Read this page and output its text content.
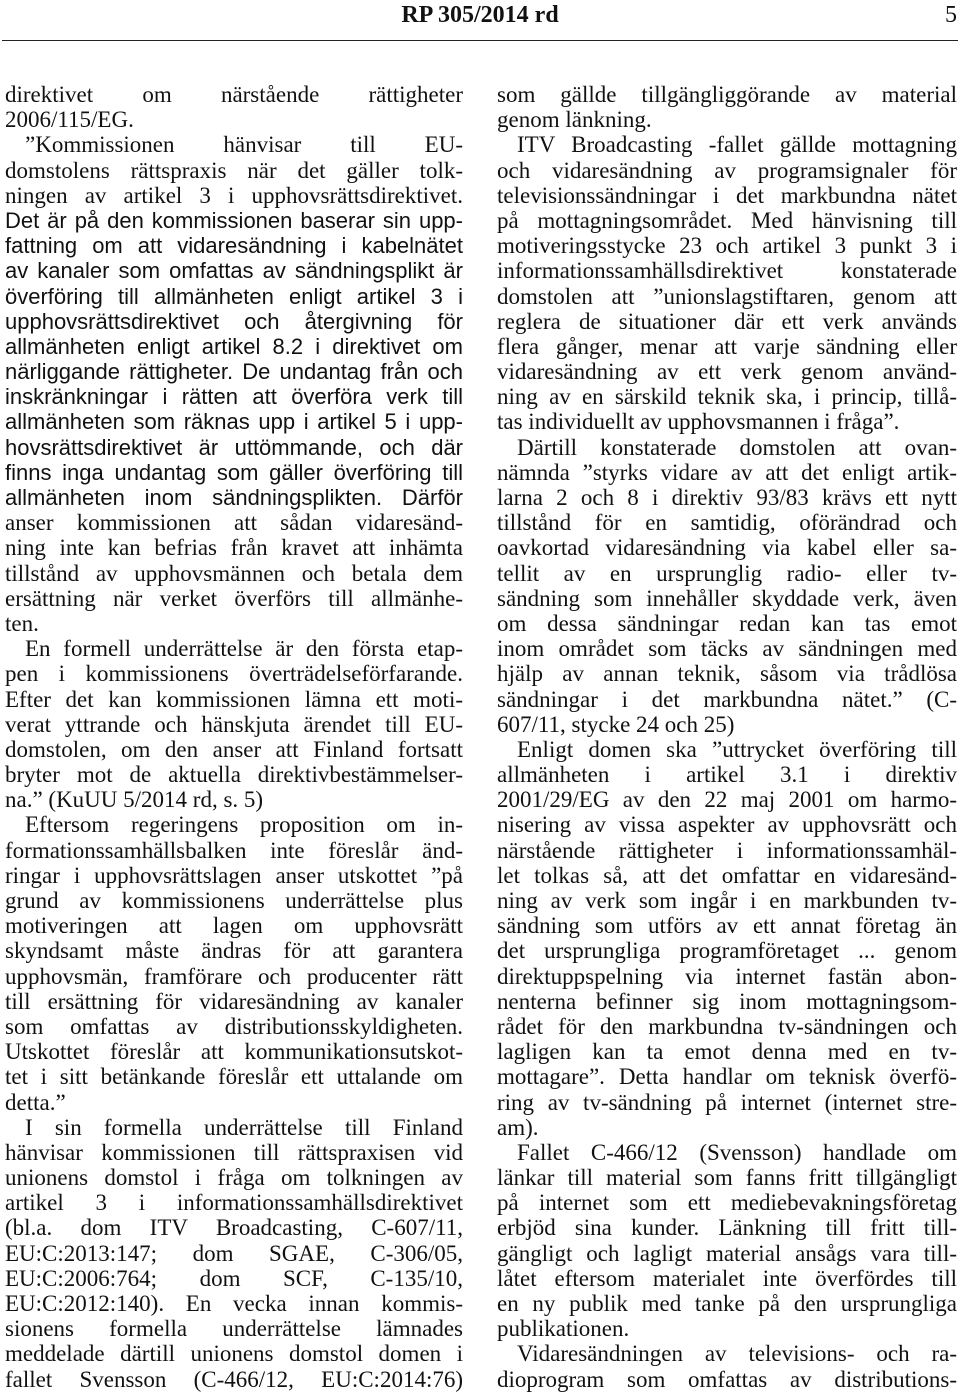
RP 305/2014 rd	5
direktivet om närstående rättigheter
2006/115/EG.
”Kommissionen hänvisar till EU-
domstolens rättspraxis när det gäller tolk-
ningen av artikel 3 i upphovsrättsdirektivet.
Det är på den kommissionen baserar sin upp-
fattning om att vidaresändning i kabelnätet
av kanaler som omfattas av sändningsplikt är
överföring till allmänheten enligt artikel 3 i
upphovsrättsdirektivet och återgivning för
allmänheten enligt artikel 8.2 i direktivet om
närliggande rättigheter. De undantag från och
inskränkningar i rätten att överföra verk till
allmänheten som räknas upp i artikel 5 i upp-
hovsrättsdirektivet är uttömmande, och där
finns inga undantag som gäller överföring till
allmänheten inom sändningsplikten. Därför
anser kommissionen att sådan vidaresänd-
ning inte kan befrias från kravet att inhämta
tillstånd av upphovsmännen och betala dem
ersättning när verket överförs till allmänhe-
ten.
En formell underrättelse är den första etap-
pen i kommissionens överträdelseförfarande.
Efter det kan kommissionen lämna ett moti-
verat yttrande och hänskjuta ärendet till EU-
domstolen, om den anser att Finland fortsatt
bryter mot de aktuella direktivbestämmelser-
na.” (KuUU 5/2014 rd, s. 5)
Eftersom regeringens proposition om in-
formationssamhällsbalken inte föreslår änd-
ringar i upphovsrättslagen anser utskottet ”på
grund av kommissionens underrättelse plus
motiveringen att lagen om upphovsrätt
skyndsamt måste ändras för att garantera
upphovsmän, framförare och producenter rätt
till ersättning för vidaresändning av kanaler
som omfattas av distributionsskyldigheten.
Utskottet föreslår att kommunikationsutskot-
tet i sitt betänkande föreslår ett uttalande om
detta.”
I sin formella underrättelse till Finland
hänvisar kommissionen till rättspraxisen vid
unionens domstol i fråga om tolkningen av
artikel 3 i informationssamhällsdirektivet
(bl.a. dom ITV Broadcasting, C-607/11,
EU:C:2013:147; dom SGAE, C-306/05,
EU:C:2006:764; dom SCF, C-135/10,
EU:C:2012:140). En vecka innan kommis-
sionens formella underrättelse lämnades
meddelade därtill unionens domstol domen i
fallet Svensson (C-466/12, EU:C:2014:76)
som gällde tillgängliggörande av material
genom länkning.
ITV Broadcasting -fallet gällde mottagning
och vidaresändning av programsignaler för
televisionssändningar i det markbundna nätet
på mottagningsområdet. Med hänvisning till
motiveringsstycke 23 och artikel 3 punkt 3 i
informationssamhällsdirektivet konstaterade
domstolen att ”unionslagstiftaren, genom att
reglera de situationer där ett verk används
flera gånger, menar att varje sändning eller
vidaresändning av ett verk genom använd-
ning av en särskild teknik ska, i princip, tillå-
tas individuellt av upphovsmannen i fråga”.
Därtill konstaterade domstolen att ovan-
nämnda ”styrks vidare av att det enligt artik-
larna 2 och 8 i direktiv 93/83 krävs ett nytt
tillstånd för en samtidig, oförändrad och
oavkortad vidaresändning via kabel eller sa-
tellit av en ursprunglig radio- eller tv-
sändning som innehåller skyddade verk, även
om dessa sändningar redan kan tas emot
inom området som täcks av sändningen med
hjälp av annan teknik, såsom via trådlösa
sändningar i det markbundna nätet.” (C-
607/11, stycke 24 och 25)
Enligt domen ska ”uttrycket överföring till
allmänheten i artikel 3.1 i direktiv
2001/29/EG av den 22 maj 2001 om harmo-
nisering av vissa aspekter av upphovsrätt och
närstående rättigheter i informationssamhäl-
let tolkas så, att det omfattar en vidaresänd-
ning av verk som ingår i en markbunden tv-
sändning som utförs av ett annat företag än
det ursprungliga programföretaget ... genom
direktuppspelning via internet fastän abon-
nenterna befinner sig inom mottagningsom-
rådet för den markbundna tv-sändningen och
lagligen kan ta emot denna med en tv-
mottagare”. Detta handlar om teknisk överfö-
ring av tv-sändning på internet (internet stre-
am).
Fallet C-466/12 (Svensson) handlade om
länkar till material som fanns fritt tillgängligt
på internet som ett mediebevakningsföretag
erbjöd sina kunder. Länkning till fritt till-
gängligt och lagligt material ansågs vara till-
låtet eftersom materialet inte överfördes till
en ny publik med tanke på den ursprungliga
publikationen.
Vidaresändningen av televisions- och ra-
dioprogram som omfattas av distributions-
